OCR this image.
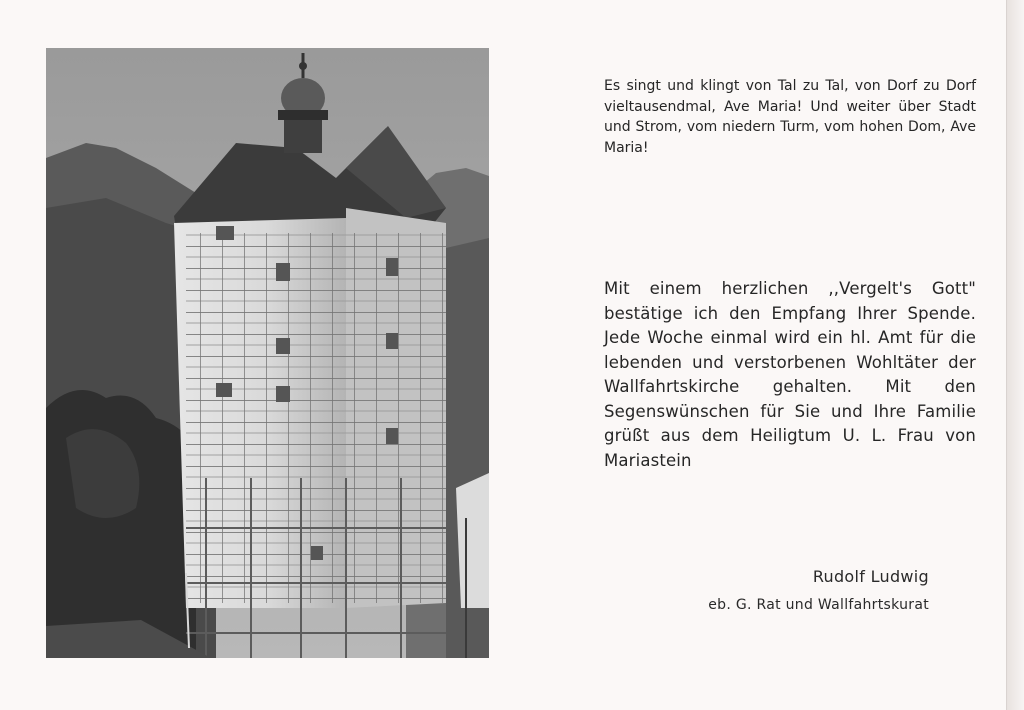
Es singt und klingt von Tal zu Tal, von Dorf zu Dorf vieltausendmal, Ave Maria! Und weiter über Stadt und Strom, vom niedern Turm, vom hohen Dom, Ave Maria!

Mit einem herzlichen ,,Vergelt's Gott" bestätige ich den Empfang Ihrer Spende. Jede Woche einmal wird ein hl. Amt für die lebenden und verstorbenen Wohltäter der Wallfahrtskirche gehalten. Mit den Segenswünschen für Sie und Ihre Familie grüßt aus dem Heiligtum U. L. Frau von Mariastein

Rudolf Ludwig

eb. G. Rat und Wallfahrtskurat
